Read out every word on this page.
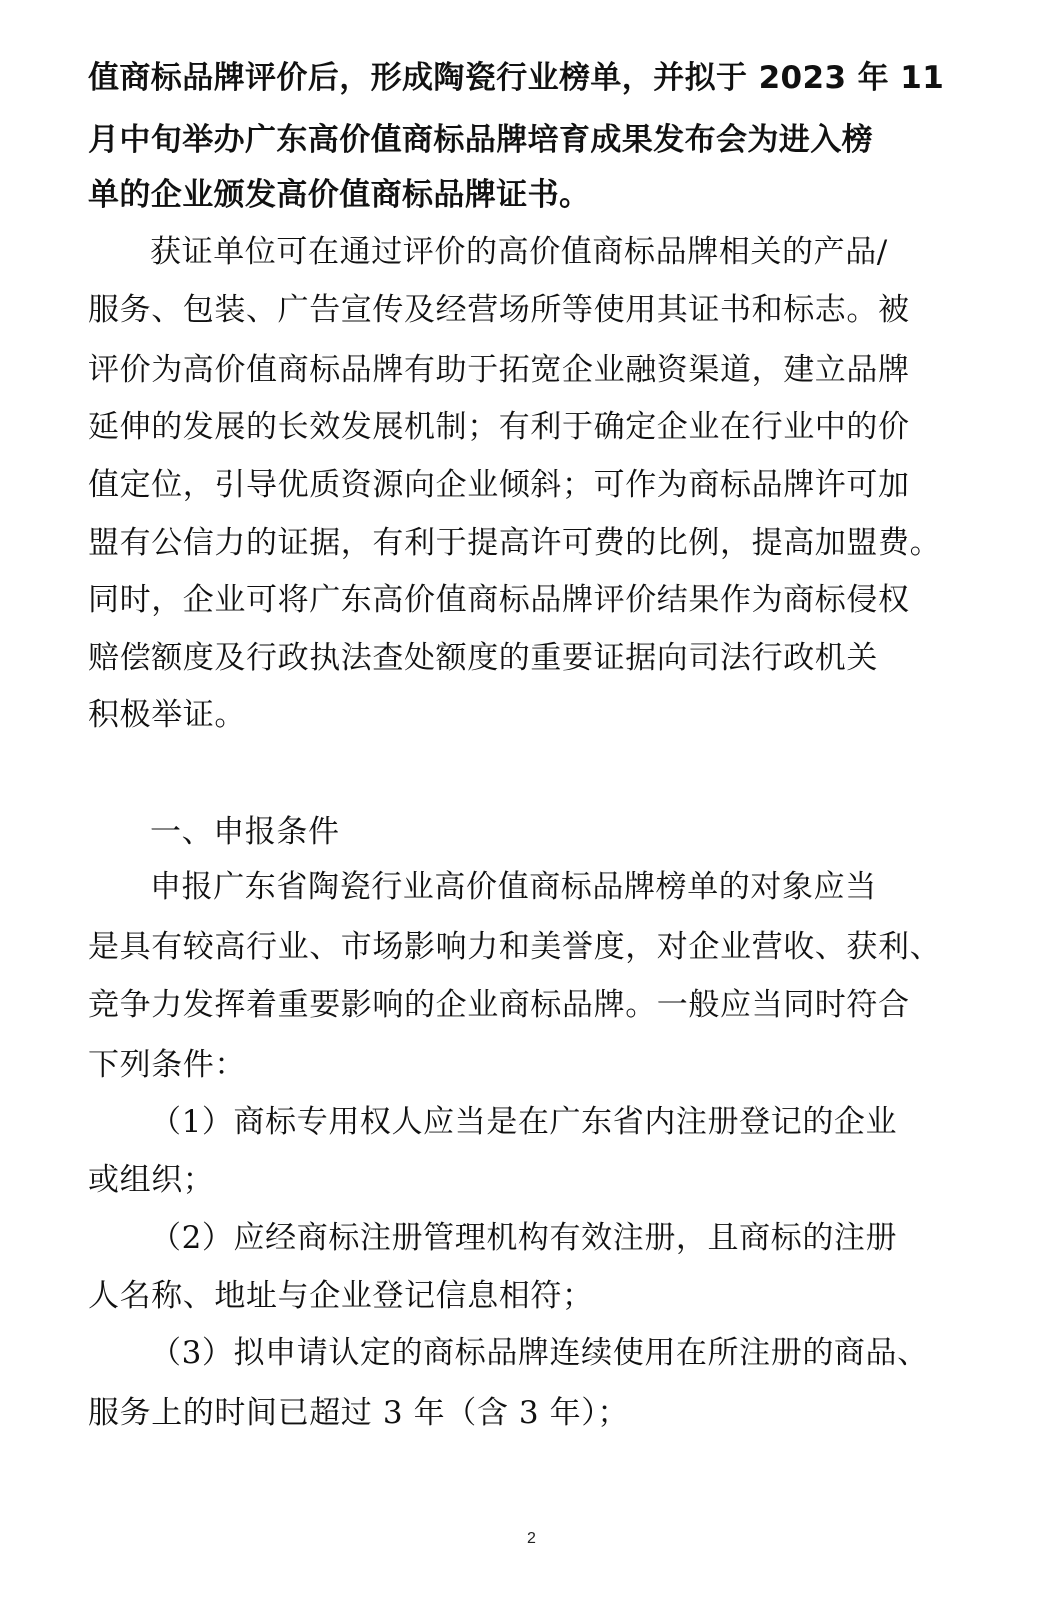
值商标品牌评价后，形成陶瓷行业榜单，并拟于 2023 年 11
月中旬举办广东高价值商标品牌培育成果发布会为进入榜
单的企业颁发高价值商标品牌证书。
获证单位可在通过评价的高价值商标品牌相关的产品/
服务、包装、广告宣传及经营场所等使用其证书和标志。被
评价为高价值商标品牌有助于拓宽企业融资渠道，建立品牌
延伸的发展的长效发展机制；有利于确定企业在行业中的价
值定位，引导优质资源向企业倾斜；可作为商标品牌许可加
盟有公信力的证据，有利于提高许可费的比例，提高加盟费。
同时，企业可将广东高价值商标品牌评价结果作为商标侵权
赔偿额度及行政执法查处额度的重要证据向司法行政机关
积极举证。
一、申报条件
申报广东省陶瓷行业高价值商标品牌榜单的对象应当
是具有较高行业、市场影响力和美誉度，对企业营收、获利、
竞争力发挥着重要影响的企业商标品牌。一般应当同时符合
下列条件：
（1）商标专用权人应当是在广东省内注册登记的企业
或组织；
（2）应经商标注册管理机构有效注册，且商标的注册
人名称、地址与企业登记信息相符；
（3）拟申请认定的商标品牌连续使用在所注册的商品、
服务上的时间已超过 3 年（含 3 年）；
2
